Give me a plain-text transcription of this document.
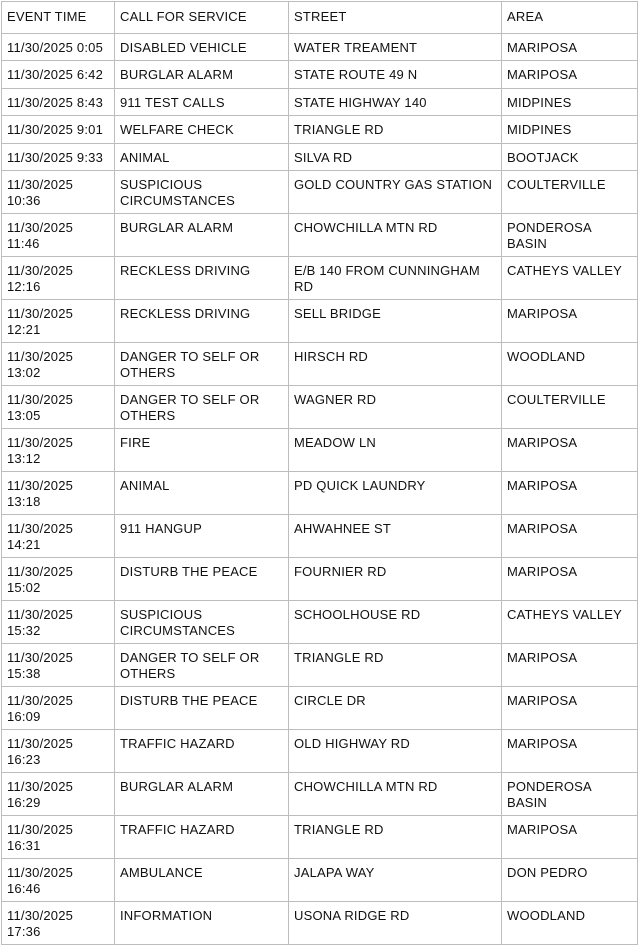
EVENT TIME	CALL FOR SERVICE	STREET	AREA
11/30/2025 0:05	DISABLED VEHICLE	WATER TREAMENT	MARIPOSA
11/30/2025 6:42	BURGLAR ALARM	STATE ROUTE 49 N	MARIPOSA
11/30/2025 8:43	911 TEST CALLS	STATE HIGHWAY 140	MIDPINES
11/30/2025 9:01	WELFARE CHECK	TRIANGLE RD	MIDPINES
11/30/2025 9:33	ANIMAL	SILVA RD	BOOTJACK
11/30/2025 10:36	SUSPICIOUS CIRCUMSTANCES	GOLD COUNTRY GAS STATION	COULTERVILLE
11/30/2025 11:46	BURGLAR ALARM	CHOWCHILLA MTN RD	PONDEROSA BASIN
11/30/2025 12:16	RECKLESS DRIVING	E/B 140 FROM CUNNINGHAM RD	CATHEYS VALLEY
11/30/2025 12:21	RECKLESS DRIVING	SELL BRIDGE	MARIPOSA
11/30/2025 13:02	DANGER TO SELF OR OTHERS	HIRSCH RD	WOODLAND
11/30/2025 13:05	DANGER TO SELF OR OTHERS	WAGNER RD	COULTERVILLE
11/30/2025 13:12	FIRE	MEADOW LN	MARIPOSA
11/30/2025 13:18	ANIMAL	PD QUICK LAUNDRY	MARIPOSA
11/30/2025 14:21	911 HANGUP	AHWAHNEE ST	MARIPOSA
11/30/2025 15:02	DISTURB THE PEACE	FOURNIER RD	MARIPOSA
11/30/2025 15:32	SUSPICIOUS CIRCUMSTANCES	SCHOOLHOUSE RD	CATHEYS VALLEY
11/30/2025 15:38	DANGER TO SELF OR OTHERS	TRIANGLE RD	MARIPOSA
11/30/2025 16:09	DISTURB THE PEACE	CIRCLE DR	MARIPOSA
11/30/2025 16:23	TRAFFIC HAZARD	OLD HIGHWAY RD	MARIPOSA
11/30/2025 16:29	BURGLAR ALARM	CHOWCHILLA MTN RD	PONDEROSA BASIN
11/30/2025 16:31	TRAFFIC HAZARD	TRIANGLE RD	MARIPOSA
11/30/2025 16:46	AMBULANCE	JALAPA WAY	DON PEDRO
11/30/2025 17:36	INFORMATION	USONA RIDGE RD	WOODLAND
